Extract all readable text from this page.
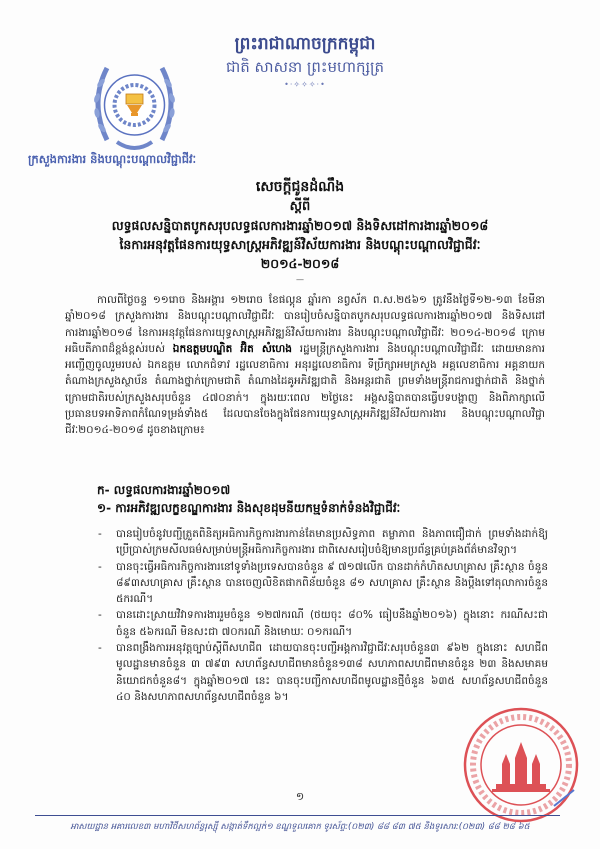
ព្រះរាជាណាចក្រកម្ពុជា
ជាតិ សាសនា ព្រះមហាក្សត្រ
•·✧✧✧·•
ក្រសួងការងារ និងបណ្តុះបណ្តាលវិជ្ជាជីវៈ
សេចក្តីជូនដំណឹង
ស្តីពី
លទ្ធផលសន្និបាតបូកសរុបលទ្ធផលការងារឆ្នាំ២០១៧ និងទិសដៅការងារឆ្នាំ២០១៨
នៃការអនុវត្តផែនការយុទ្ធសាស្ត្រអភិវឌ្ឍន៍វិស័យការងារ និងបណ្តុះបណ្តាលវិជ្ជាជីវៈ
២០១៤-២០១៨
—

កាលពីថ្ងៃចន្ទ ១១រោច និងអង្គារ ១២រោច ខែផល្គុន ឆ្នាំរកា នព្វស័ក ព.ស.២៥៦១ ត្រូវនឹងថ្ងៃទី១២-១៣ ខែមីនា ឆ្នាំ២០១៨ ក្រសួងការងារ និងបណ្តុះបណ្តាលវិជ្ជាជីវៈ បានរៀបចំសន្និបាតបូកសរុបលទ្ធផលការងារឆ្នាំ២០១៧ និងទិសដៅការងារឆ្នាំ២០១៨ នៃការអនុវត្តផែនការយុទ្ធសាស្ត្រអភិវឌ្ឍន៍វិស័យការងារ និងបណ្តុះបណ្តាលវិជ្ជាជីវៈ ២០១៤-២០១៨ ក្រោមអធិបតីភាពដ៏ខ្ពង់ខ្ពស់របស់ ឯកឧត្តមបណ្ឌិត អ៊ិត សំហេង រដ្ឋមន្ត្រីក្រសួងការងារ និងបណ្តុះបណ្តាលវិជ្ជាជីវៈ ដោយមានការអញ្ជើញចូលរួមរបស់ ឯកឧត្តម លោកជំទាវ រដ្ឋលេខាធិការ អនុរដ្ឋលេខាធិការ ទីប្រឹក្សាអមក្រសួង អគ្គលេខាធិការ អគ្គនាយក តំណាងក្រសួងស្ថាប័ន តំណាងថ្នាក់ក្រោមជាតិ តំណាងដៃគូអភិវឌ្ឍជាតិ និងអន្តរជាតិ ព្រមទាំងមន្ត្រីរាជការថ្នាក់ជាតិ និងថ្នាក់ក្រោមជាតិរបស់ក្រសួងសរុបចំនួន ៤៧០នាក់។ ក្នុងរយៈពេល ២ថ្ងៃនេះ អង្គសន្និបាតបានធ្វើបទបង្ហាញ និងពិភាក្សាលើប្រធានបទអាទិភាពកំណែទម្រង់ទាំង៥ ដែលបានចែងក្នុងផែនការយុទ្ធសាស្ត្រអភិវឌ្ឍន៍វិស័យការងារ និងបណ្តុះបណ្តាលវិជ្ជាជីវៈ២០១៤-២០១៨ ដូចខាងក្រោម៖

ក- លទ្ធផលការងារឆ្នាំ២០១៧
១- ការអភិវឌ្ឍលក្ខខណ្ឌការងារ និងសុខដុមនីយកម្មទំនាក់ទំនងវិជ្ជាជីវៈ
- បានរៀបចំនូវបញ្ជីត្រួតពិនិត្យអធិការកិច្ចការងារកាន់តែមានប្រសិទ្ធភាព តម្លាភាព និងភាពជឿជាក់ ព្រមទាំងដាក់ឱ្យប្រើប្រាស់ក្រមសីលធម៌សម្រាប់មន្ត្រីអធិការកិច្ចការងារ ជាពិសេសរៀបចំឱ្យមានប្រព័ន្ធគ្រប់គ្រងព័ត៌មានវិទ្យា។
- បានចុះធ្វើអធិការកិច្ចការងារនៅទូទាំងប្រទេសបានចំនួន ៩ ៧១៧លើក បានដាក់កំហិតសហគ្រាស គ្រឹះស្ថាន ចំនួន ៨៩៣សហគ្រាស គ្រឹះស្ថាន បានចេញលិខិតផាកពិន័យចំនួន ៨១ សហគ្រាស គ្រឹះស្ថាន និងប្តឹងទៅតុលាការចំនួន ៥ករណី។
- បានដោះស្រាយវិវាទការងាររួមចំនួន ១២៧ករណី (ថយចុះ ៨០% ធៀបនឹងឆ្នាំ២០១៦) ក្នុងនោះ ករណីសះជាចំនួន ៥៦ករណី មិនសះជា ៧០ករណី និងមោឃៈ ០១ករណី។
- បានពង្រឹងការអនុវត្តច្បាប់ស្តីពីសហជីព ដោយបានចុះបញ្ជីអង្គការវិជ្ជាជីវៈសរុបចំនួន៣ ៩៦២ ក្នុងនោះ សហជីពមូលដ្ឋានមានចំនួន ៣ ៧៩៣ សហព័ន្ធសហជីពមានចំនួន១៣៨ សហភាពសហជីពមានចំនួន ២៣ និងសមាគមនិយោជកចំនួន៨។ ក្នុងឆ្នាំ២០១៧ នេះ បានចុះបញ្ជីកាសហជីពមូលដ្ឋានថ្មីចំនួន ៦៣៥ សហព័ន្ធសហជីពចំនួន ៤០ និងសហភាពសហព័ន្ធសហជីពចំនួន ៦។
១
អាសយដ្ឋាន អគារលេខ៣ មហាវិថីសហព័ន្ធរុស្ស៊ី សង្កាត់ទឹកល្អក់១ ខណ្ឌទួលគោក ទូរស័ព្ទ:(០២៣) ៨៨ ៨៣ ៧៥ និងទូរសារ:(០២៣) ៨៨ ២៨ ៦៥
